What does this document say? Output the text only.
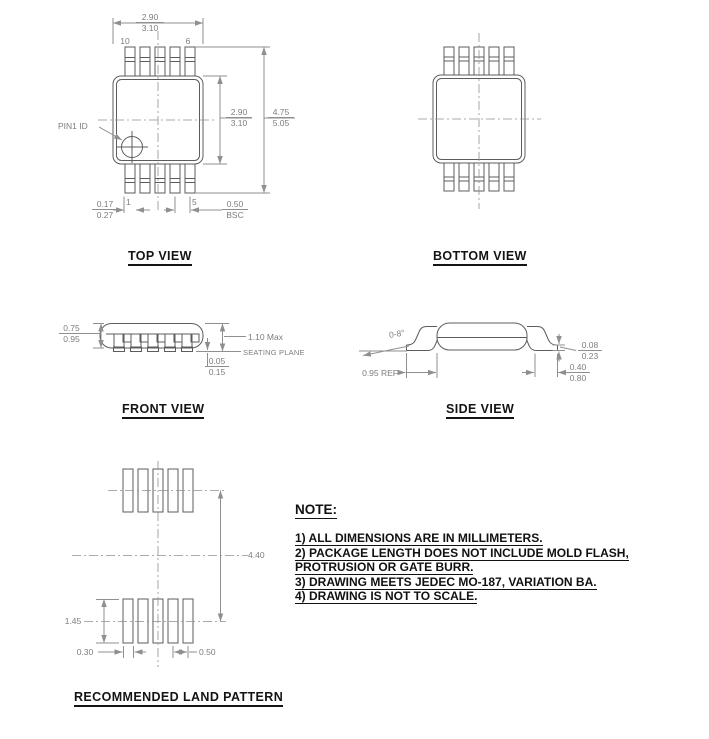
2.90
3.10
10	6
PIN1 ID
2.90
3.10
4.75
5.05
0.17
0.27
1	5	0.50
BSC
TOP VIEW	BOTTOM VIEW
0.75
0.95	1.10 Max
SEATING PLANE
0.05
0.15
FRONT VIEW
0-8°
0.95 REF
0.08
0.23
0.40
0.80
SIDE VIEW
4.40
1.45
0.30	0.50
RECOMMENDED LAND PATTERN
NOTE:
1) ALL DIMENSIONS ARE IN MILLIMETERS.
2) PACKAGE LENGTH DOES NOT INCLUDE MOLD FLASH,
PROTRUSION OR GATE BURR.
3) DRAWING MEETS JEDEC MO-187, VARIATION BA.
4) DRAWING IS NOT TO SCALE.
